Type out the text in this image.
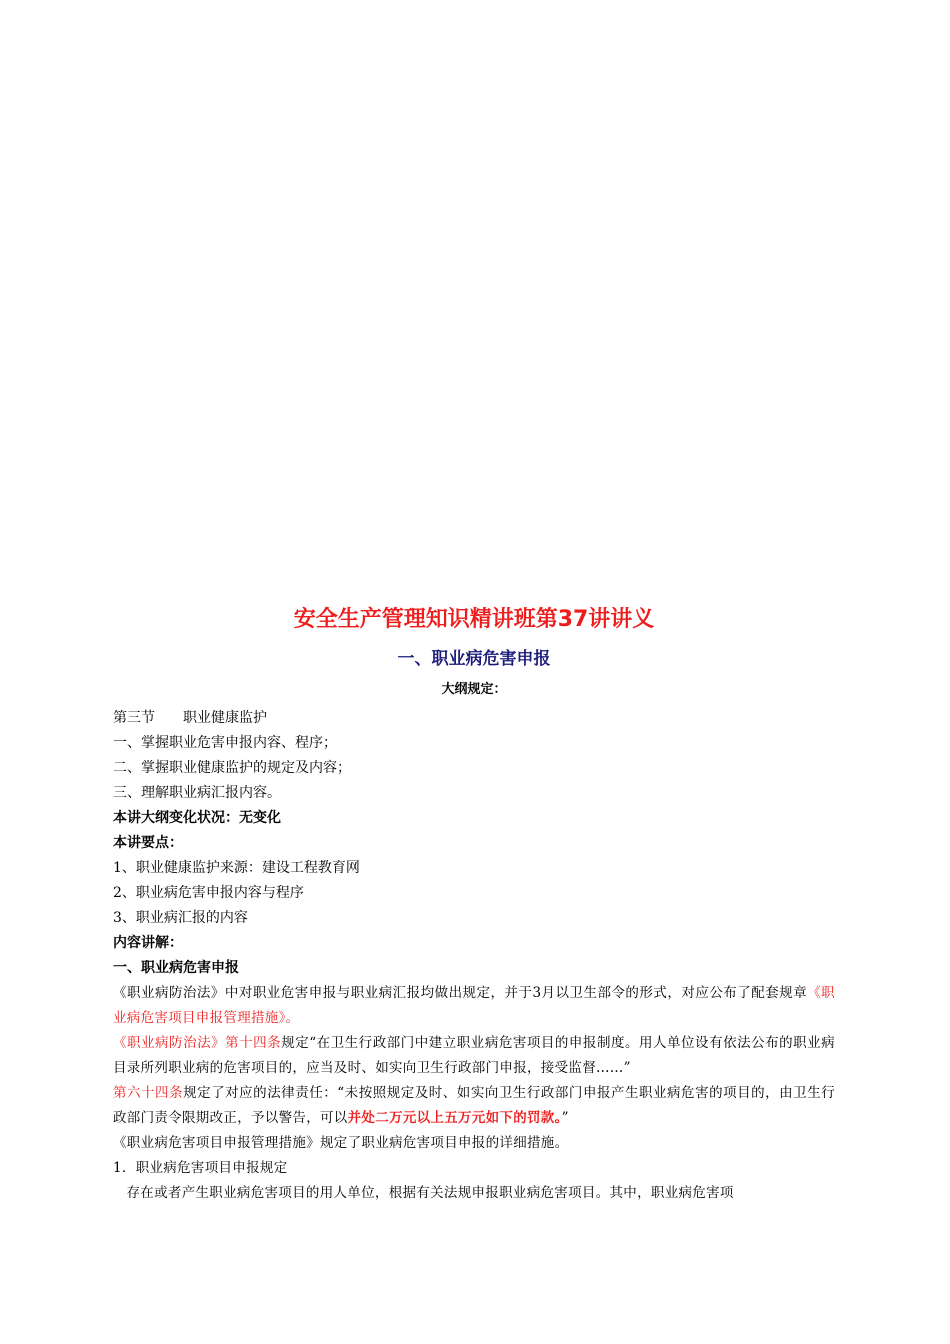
安全生产管理知识精讲班第37讲讲义
一、职业病危害申报
大纲规定：
第三节 职业健康监护
一、掌握职业危害申报内容、程序；
二、掌握职业健康监护的规定及内容；
三、理解职业病汇报内容。
本讲大纲变化状况：无变化
本讲要点：
1、职业健康监护来源：建设工程教育网
2、职业病危害申报内容与程序
3、职业病汇报的内容
内容讲解：
一、职业病危害申报
《职业病防治法》中对职业危害申报与职业病汇报均做出规定，并于3月以卫生部令的形式，对应公布了配套规章《职业病危害项目申报管理措施》。
《职业病防治法》第十四条规定“在卫生行政部门中建立职业病危害项目的申报制度。用人单位设有依法公布的职业病目录所列职业病的危害项目的，应当及时、如实向卫生行政部门申报，接受监督……”
第六十四条规定了对应的法律责任：“未按照规定及时、如实向卫生行政部门申报产生职业病危害的项目的，由卫生行政部门责令限期改正，予以警告，可以并处二万元以上五万元如下的罚款。”
《职业病危害项目申报管理措施》规定了职业病危害项目申报的详细措施。
1．职业病危害项目申报规定
存在或者产生职业病危害项目的用人单位，根据有关法规申报职业病危害项目。其中，职业病危害项
